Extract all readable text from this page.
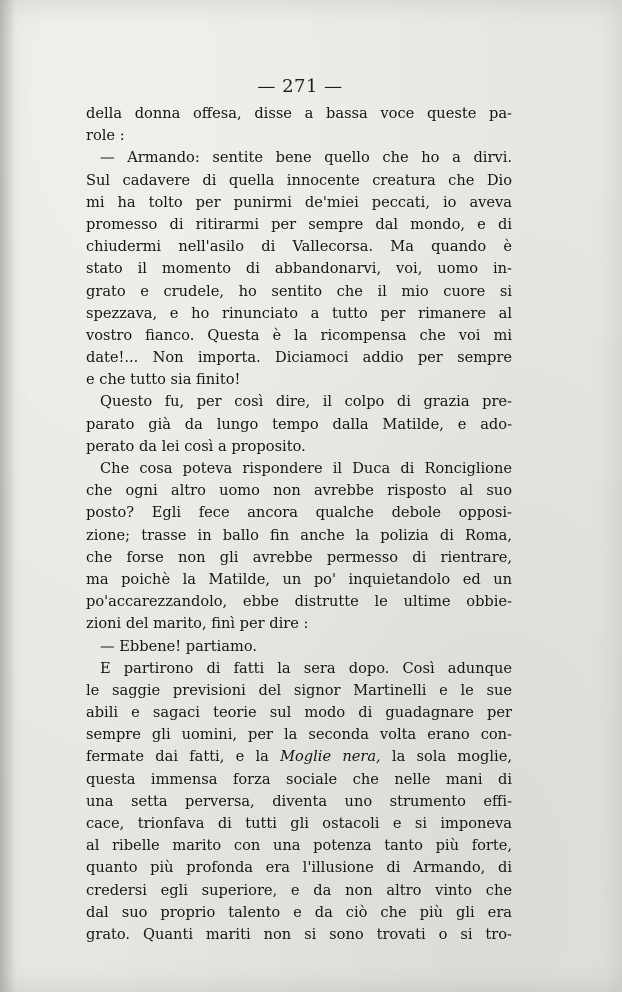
— 271 —
della donna offesa, disse a bassa voce queste pa-
role :
— Armando: sentite bene quello che ho a dirvi.
Sul cadavere di quella innocente creatura che Dio
mi ha tolto per punirmi de'miei peccati, io aveva
promesso di ritirarmi per sempre dal mondo, e di
chiudermi nell'asilo di Vallecorsa. Ma quando è
stato il momento di abbandonarvi, voi, uomo in-
grato e crudele, ho sentito che il mio cuore si
spezzava, e ho rinunciato a tutto per rimanere al
vostro fianco. Questa è la ricompensa che voi mi
date!... Non importa. Diciamoci addio per sempre
e che tutto sia finito!
Questo fu, per così dire, il colpo di grazia pre-
parato già da lungo tempo dalla Matilde, e ado-
perato da lei così a proposito.
Che cosa poteva rispondere il Duca di Ronciglione
che ogni altro uomo non avrebbe risposto al suo
posto? Egli fece ancora qualche debole opposi-
zione; trasse in ballo fin anche la polizia di Roma,
che forse non gli avrebbe permesso di rientrare,
ma poichè la Matilde, un po' inquietandolo ed un
po'accarezzandolo, ebbe distrutte le ultime obbie-
zioni del marito, finì per dire :
— Ebbene! partiamo.
E partirono di fatti la sera dopo. Così adunque
le saggie previsioni del signor Martinelli e le sue
abili e sagaci teorie sul modo di guadagnare per
sempre gli uomini, per la seconda volta erano con-
fermate dai fatti, e la Moglie nera, la sola moglie,
questa immensa forza sociale che nelle mani di
una setta perversa, diventa uno strumento effi-
cace, trionfava di tutti gli ostacoli e si imponeva
al ribelle marito con una potenza tanto più forte,
quanto più profonda era l'illusione di Armando, di
credersi egli superiore, e da non altro vinto che
dal suo proprio talento e da ciò che più gli era
grato. Quanti mariti non si sono trovati o si tro-
